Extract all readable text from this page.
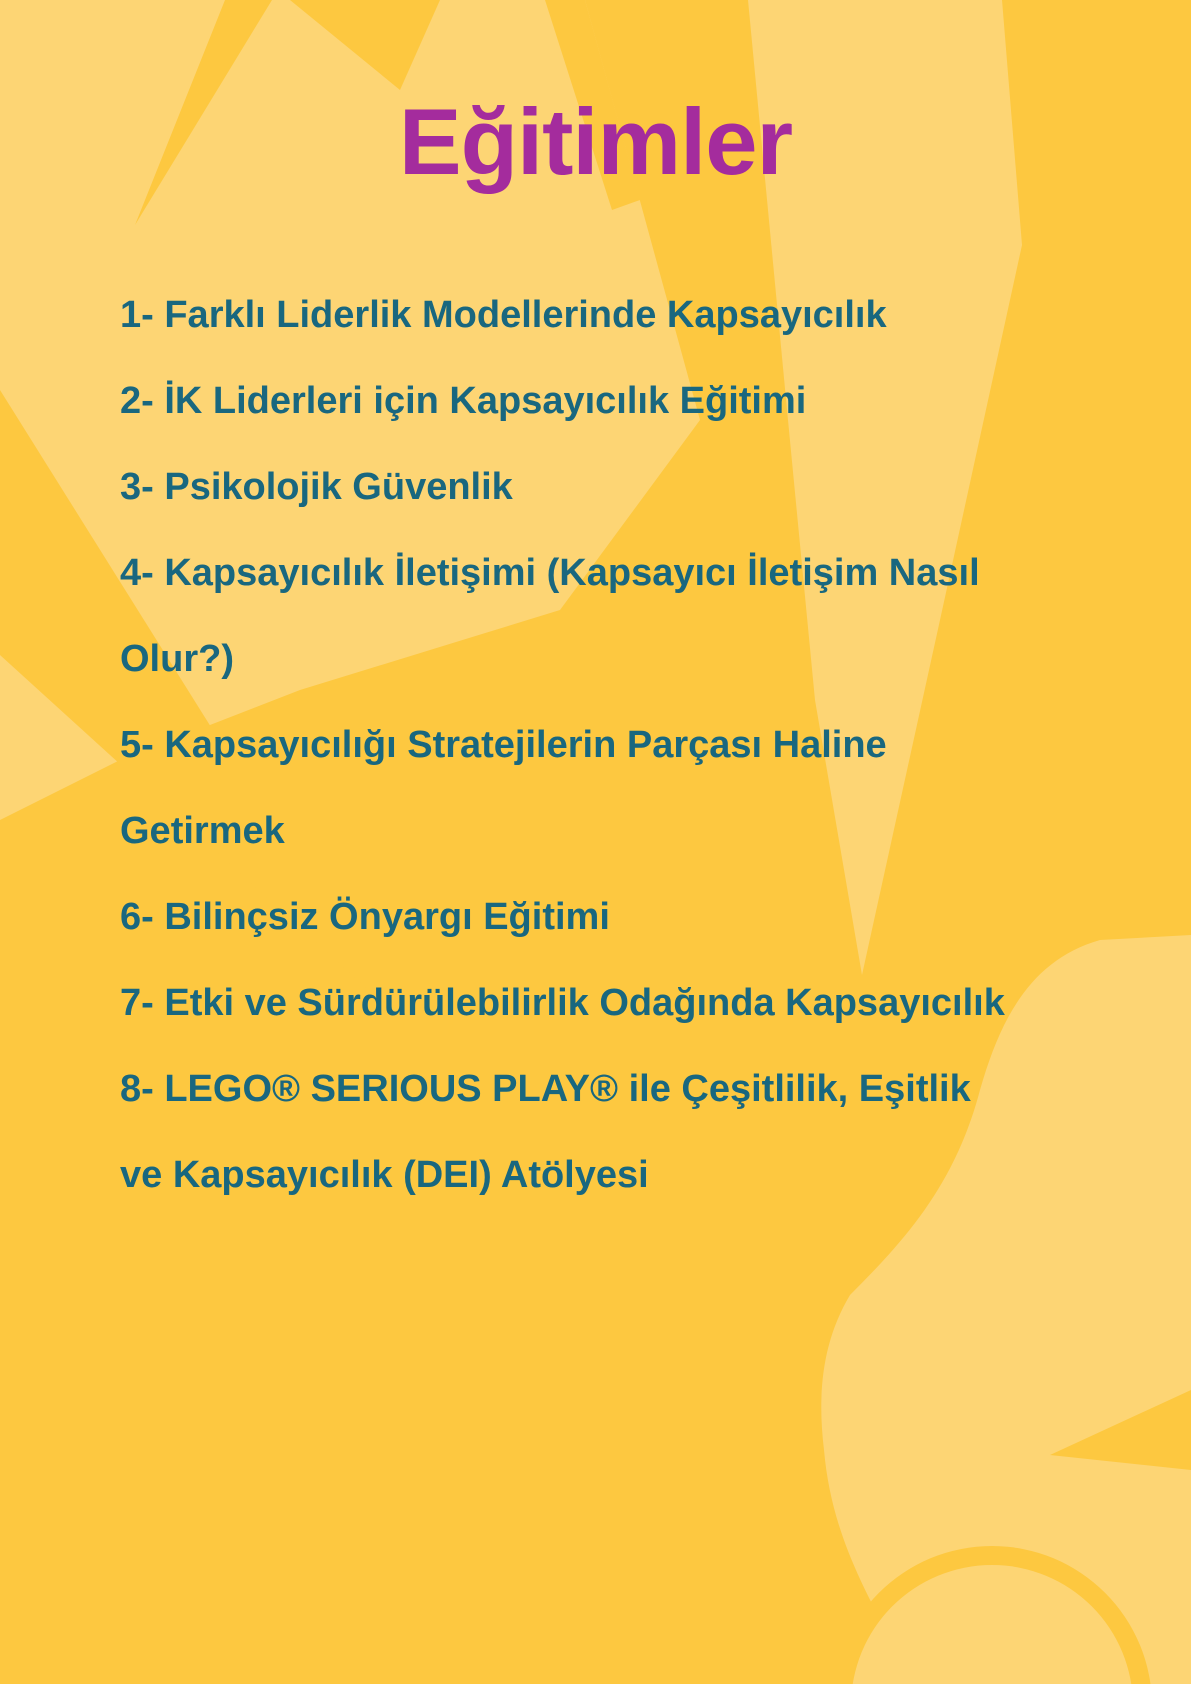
Eğitimler
1- Farklı Liderlik Modellerinde Kapsayıcılık
2- İK Liderleri için Kapsayıcılık Eğitimi
3- Psikolojik Güvenlik
4- Kapsayıcılık İletişimi (Kapsayıcı İletişim Nasıl
Olur?)
5- Kapsayıcılığı Stratejilerin Parçası Haline
Getirmek
6- Bilinçsiz Önyargı Eğitimi
7- Etki ve Sürdürülebilirlik Odağında Kapsayıcılık
8- LEGO® SERIOUS PLAY® ile Çeşitlilik, Eşitlik
ve Kapsayıcılık (DEI) Atölyesi
